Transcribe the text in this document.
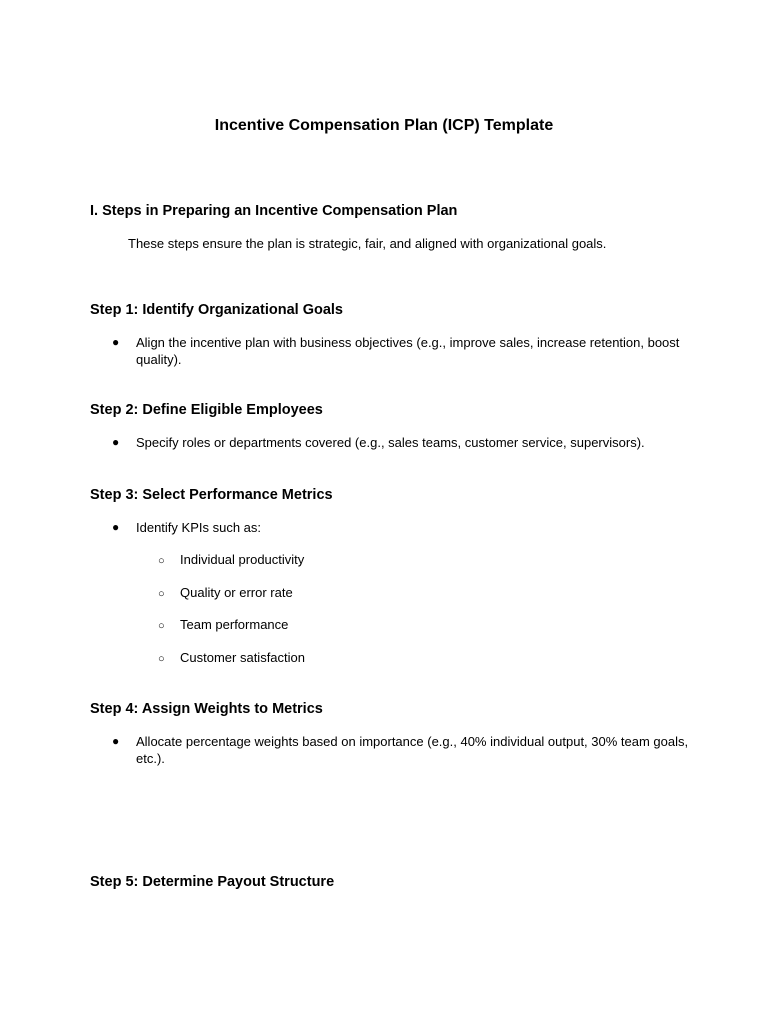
Incentive Compensation Plan (ICP) Template
I. Steps in Preparing an Incentive Compensation Plan
These steps ensure the plan is strategic, fair, and aligned with organizational goals.
Step 1: Identify Organizational Goals
● Align the incentive plan with business objectives (e.g., improve sales, increase retention, boost quality).
Step 2: Define Eligible Employees
● Specify roles or departments covered (e.g., sales teams, customer service, supervisors).
Step 3: Select Performance Metrics
● Identify KPIs such as:
○ Individual productivity
○ Quality or error rate
○ Team performance
○ Customer satisfaction
Step 4: Assign Weights to Metrics
● Allocate percentage weights based on importance (e.g., 40% individual output, 30% team goals, etc.).
Step 5: Determine Payout Structure
